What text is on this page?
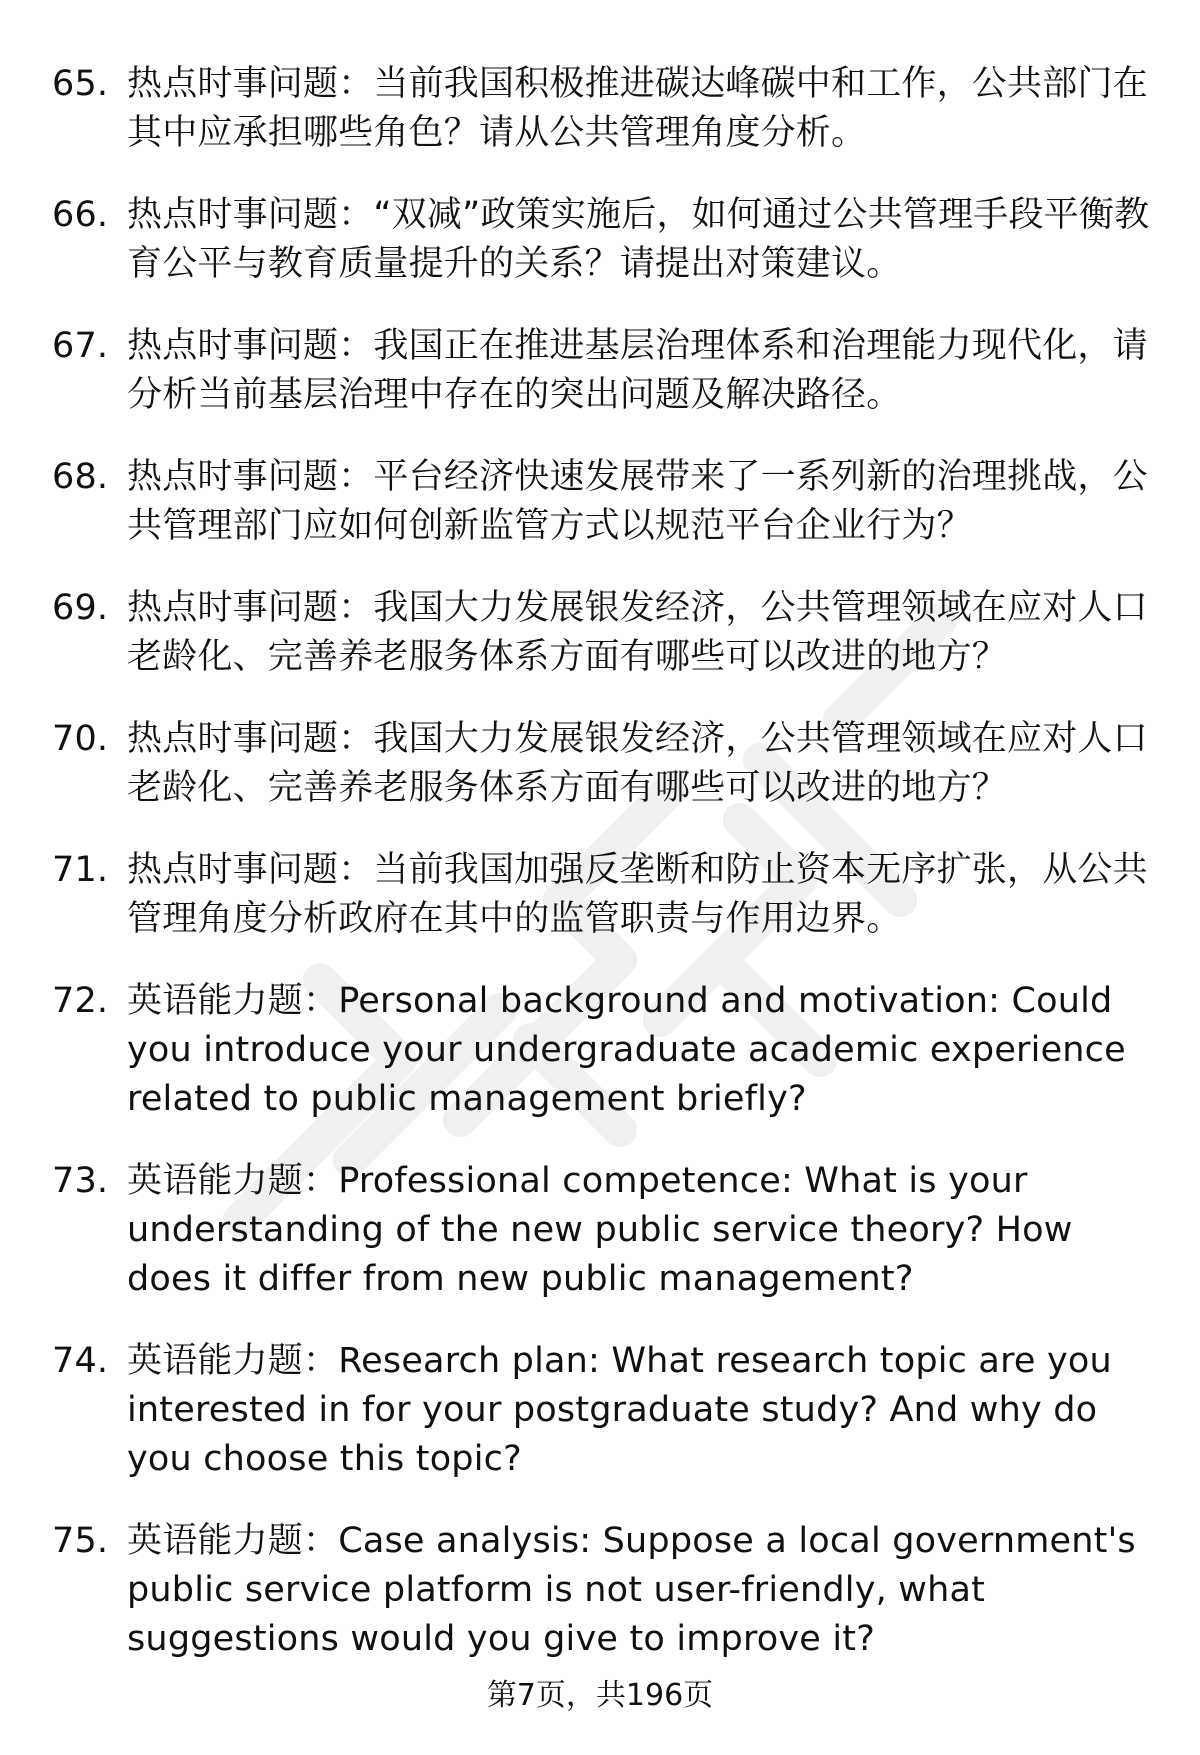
65. 热点时事问题：当前我国积极推进碳达峰碳中和工作，公共部门在其中应承担哪些角色？请从公共管理角度分析。
66. 热点时事问题：“双减”政策实施后，如何通过公共管理手段平衡教育公平与教育质量提升的关系？请提出对策建议。
67. 热点时事问题：我国正在推进基层治理体系和治理能力现代化，请分析当前基层治理中存在的突出问题及解决路径。
68. 热点时事问题：平台经济快速发展带来了一系列新的治理挑战，公共管理部门应如何创新监管方式以规范平台企业行为？
69. 热点时事问题：我国大力发展银发经济，公共管理领域在应对人口老龄化、完善养老服务体系方面有哪些可以改进的地方？
70. 热点时事问题：我国大力发展银发经济，公共管理领域在应对人口老龄化、完善养老服务体系方面有哪些可以改进的地方？
71. 热点时事问题：当前我国加强反垄断和防止资本无序扩张，从公共管理角度分析政府在其中的监管职责与作用边界。
72. 英语能力题：Personal background and motivation: Could you introduce your undergraduate academic experience related to public management briefly?
73. 英语能力题：Professional competence: What is your understanding of the new public service theory? How does it differ from new public management?
74. 英语能力题：Research plan: What research topic are you interested in for your postgraduate study? And why do you choose this topic?
75. 英语能力题：Case analysis: Suppose a local government's public service platform is not user-friendly, what suggestions would you give to improve it?
第7页，共196页
